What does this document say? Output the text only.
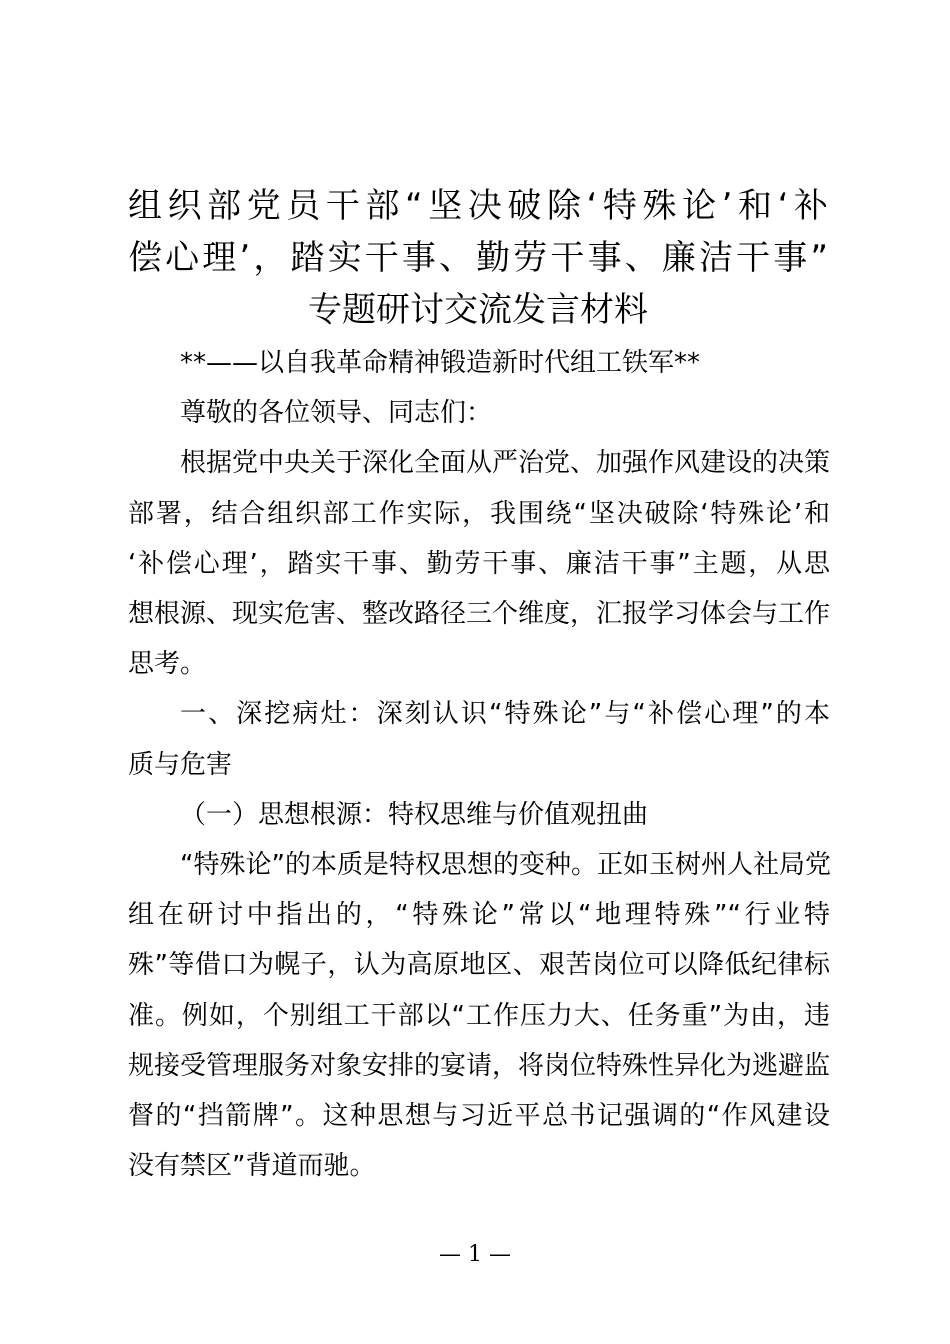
组织部党员干部“坚决破除‘特殊论’和‘补
偿心理’，踏实干事、勤劳干事、廉洁干事”
专题研讨交流发言材料
**——以自我革命精神锻造新时代组工铁军**
尊敬的各位领导、同志们：
根据党中央关于深化全面从严治党、加强作风建设的决策
部署，结合组织部工作实际，我围绕“坚决破除‘特殊论’和
‘补偿心理’，踏实干事、勤劳干事、廉洁干事”主题，从思
想根源、现实危害、整改路径三个维度，汇报学习体会与工作
思考。
一、深挖病灶：深刻认识“特殊论”与“补偿心理”的本
质与危害
（一）思想根源：特权思维与价值观扭曲
“特殊论”的本质是特权思想的变种。正如玉树州人社局党
组在研讨中指出的，“特殊论”常以“地理特殊”“行业特
殊”等借口为幌子，认为高原地区、艰苦岗位可以降低纪律标
准。例如，个别组工干部以“工作压力大、任务重”为由，违
规接受管理服务对象安排的宴请，将岗位特殊性异化为逃避监
督的“挡箭牌”。这种思想与习近平总书记强调的“作风建设
没有禁区”背道而驰。
— 1 —
